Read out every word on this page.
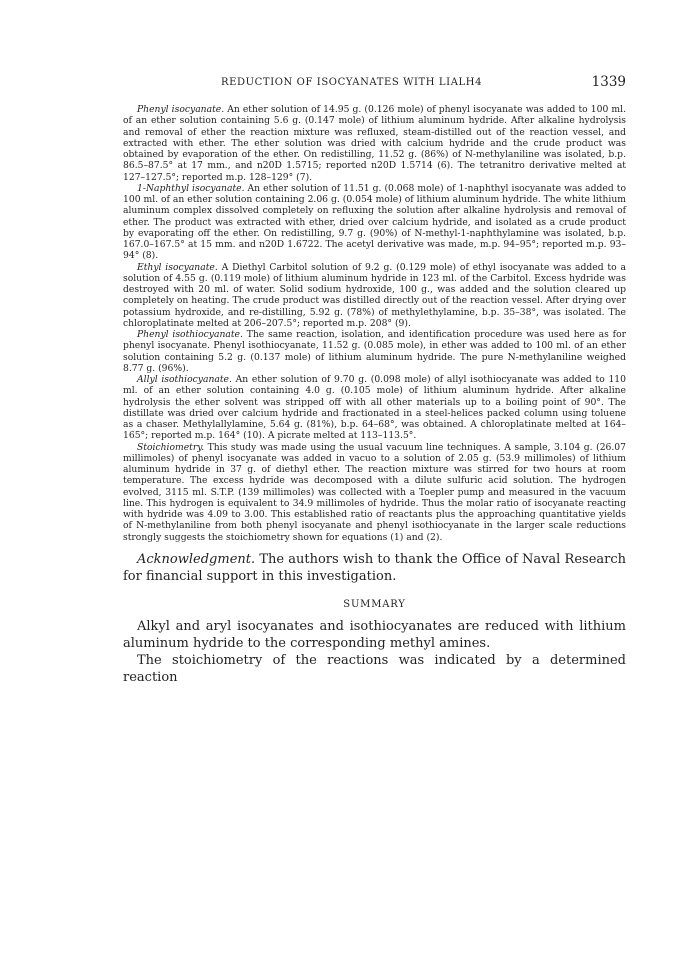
REDUCTION OF ISOCYANATES WITH LIALH4	1339

Phenyl isocyanate. An ether solution of 14.95 g. (0.126 mole) of phenyl isocyanate was added to 100 ml. of an ether solution containing 5.6 g. (0.147 mole) of lithium aluminum hydride. After alkaline hydrolysis and removal of ether the reaction mixture was refluxed, steam-distilled out of the reaction vessel, and extracted with ether. The ether solution was dried with calcium hydride and the crude product was obtained by evaporation of the ether. On redistilling, 11.52 g. (86%) of N-methylaniline was isolated, b.p. 86.5–87.5° at 17 mm., and n20D 1.5715; reported n20D 1.5714 (6). The tetranitro derivative melted at 127–127.5°; reported m.p. 128–129° (7).

1-Naphthyl isocyanate. An ether solution of 11.51 g. (0.068 mole) of 1-naphthyl isocyanate was added to 100 ml. of an ether solution containing 2.06 g. (0.054 mole) of lithium aluminum hydride. The white lithium aluminum complex dissolved completely on refluxing the solution after alkaline hydrolysis and removal of ether. The product was extracted with ether, dried over calcium hydride, and isolated as a crude product by evaporating off the ether. On redistilling, 9.7 g. (90%) of N-methyl-1-naphthylamine was isolated, b.p. 167.0–167.5° at 15 mm. and n20D 1.6722. The acetyl derivative was made, m.p. 94–95°; reported m.p. 93–94° (8).

Ethyl isocyanate. A Diethyl Carbitol solution of 9.2 g. (0.129 mole) of ethyl isocyanate was added to a solution of 4.55 g. (0.119 mole) of lithium aluminum hydride in 123 ml. of the Carbitol. Excess hydride was destroyed with 20 ml. of water. Solid sodium hydroxide, 100 g., was added and the solution cleared up completely on heating. The crude product was distilled directly out of the reaction vessel. After drying over potassium hydroxide, and re-distilling, 5.92 g. (78%) of methylethylamine, b.p. 35–38°, was isolated. The chloroplatinate melted at 206–207.5°; reported m.p. 208° (9).

Phenyl isothiocyanate. The same reaction, isolation, and identification procedure was used here as for phenyl isocyanate. Phenyl isothiocyanate, 11.52 g. (0.085 mole), in ether was added to 100 ml. of an ether solution containing 5.2 g. (0.137 mole) of lithium aluminum hydride. The pure N-methylaniline weighed 8.77 g. (96%).

Allyl isothiocyanate. An ether solution of 9.70 g. (0.098 mole) of allyl isothiocyanate was added to 110 ml. of an ether solution containing 4.0 g. (0.105 mole) of lithium aluminum hydride. After alkaline hydrolysis the ether solvent was stripped off with all other materials up to a boiling point of 90°. The distillate was dried over calcium hydride and fractionated in a steel-helices packed column using toluene as a chaser. Methylallylamine, 5.64 g. (81%), b.p. 64–68°, was obtained. A chloroplatinate melted at 164–165°; reported m.p. 164° (10). A picrate melted at 113–113.5°.

Stoichiometry. This study was made using the usual vacuum line techniques. A sample, 3.104 g. (26.07 millimoles) of phenyl isocyanate was added in vacuo to a solution of 2.05 g. (53.9 millimoles) of lithium aluminum hydride in 37 g. of diethyl ether. The reaction mixture was stirred for two hours at room temperature. The excess hydride was decomposed with a dilute sulfuric acid solution. The hydrogen evolved, 3115 ml. S.T.P. (139 millimoles) was collected with a Toepler pump and measured in the vacuum line. This hydrogen is equivalent to 34.9 millimoles of hydride. Thus the molar ratio of isocyanate reacting with hydride was 4.09 to 3.00. This established ratio of reactants plus the approaching quantitative yields of N-methylaniline from both phenyl isocyanate and phenyl isothiocyanate in the larger scale reductions strongly suggests the stoichiometry shown for equations (1) and (2).

Acknowledgment. The authors wish to thank the Office of Naval Research for financial support in this investigation.

SUMMARY

Alkyl and aryl isocyanates and isothiocyanates are reduced with lithium aluminum hydride to the corresponding methyl amines.

The stoichiometry of the reactions was indicated by a determined reaction
